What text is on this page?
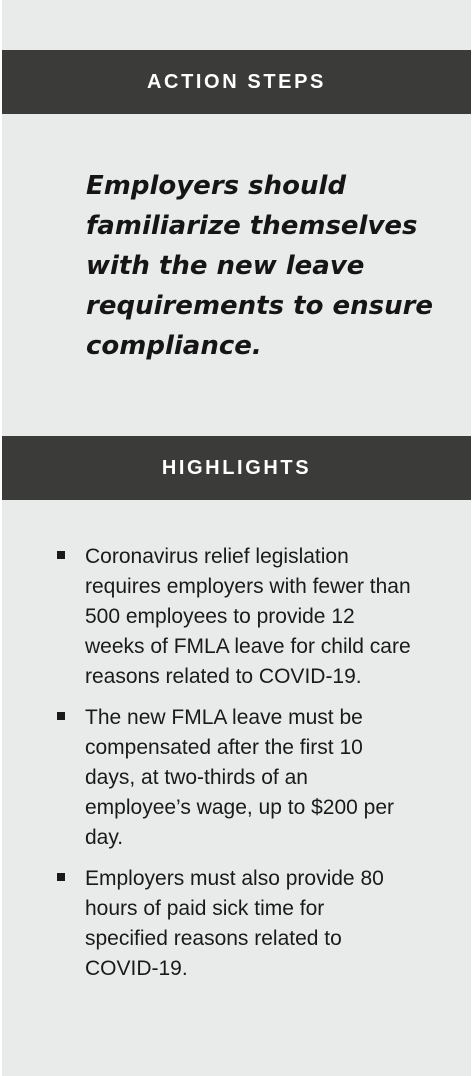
ACTION STEPS

Employers should familiarize themselves with the new leave requirements to ensure compliance.

HIGHLIGHTS
Coronavirus relief legislation requires employers with fewer than 500 employees to provide 12 weeks of FMLA leave for child care reasons related to COVID-19.
The new FMLA leave must be compensated after the first 10 days, at two-thirds of an employee’s wage, up to $200 per day.
Employers must also provide 80 hours of paid sick time for specified reasons related to COVID-19.
